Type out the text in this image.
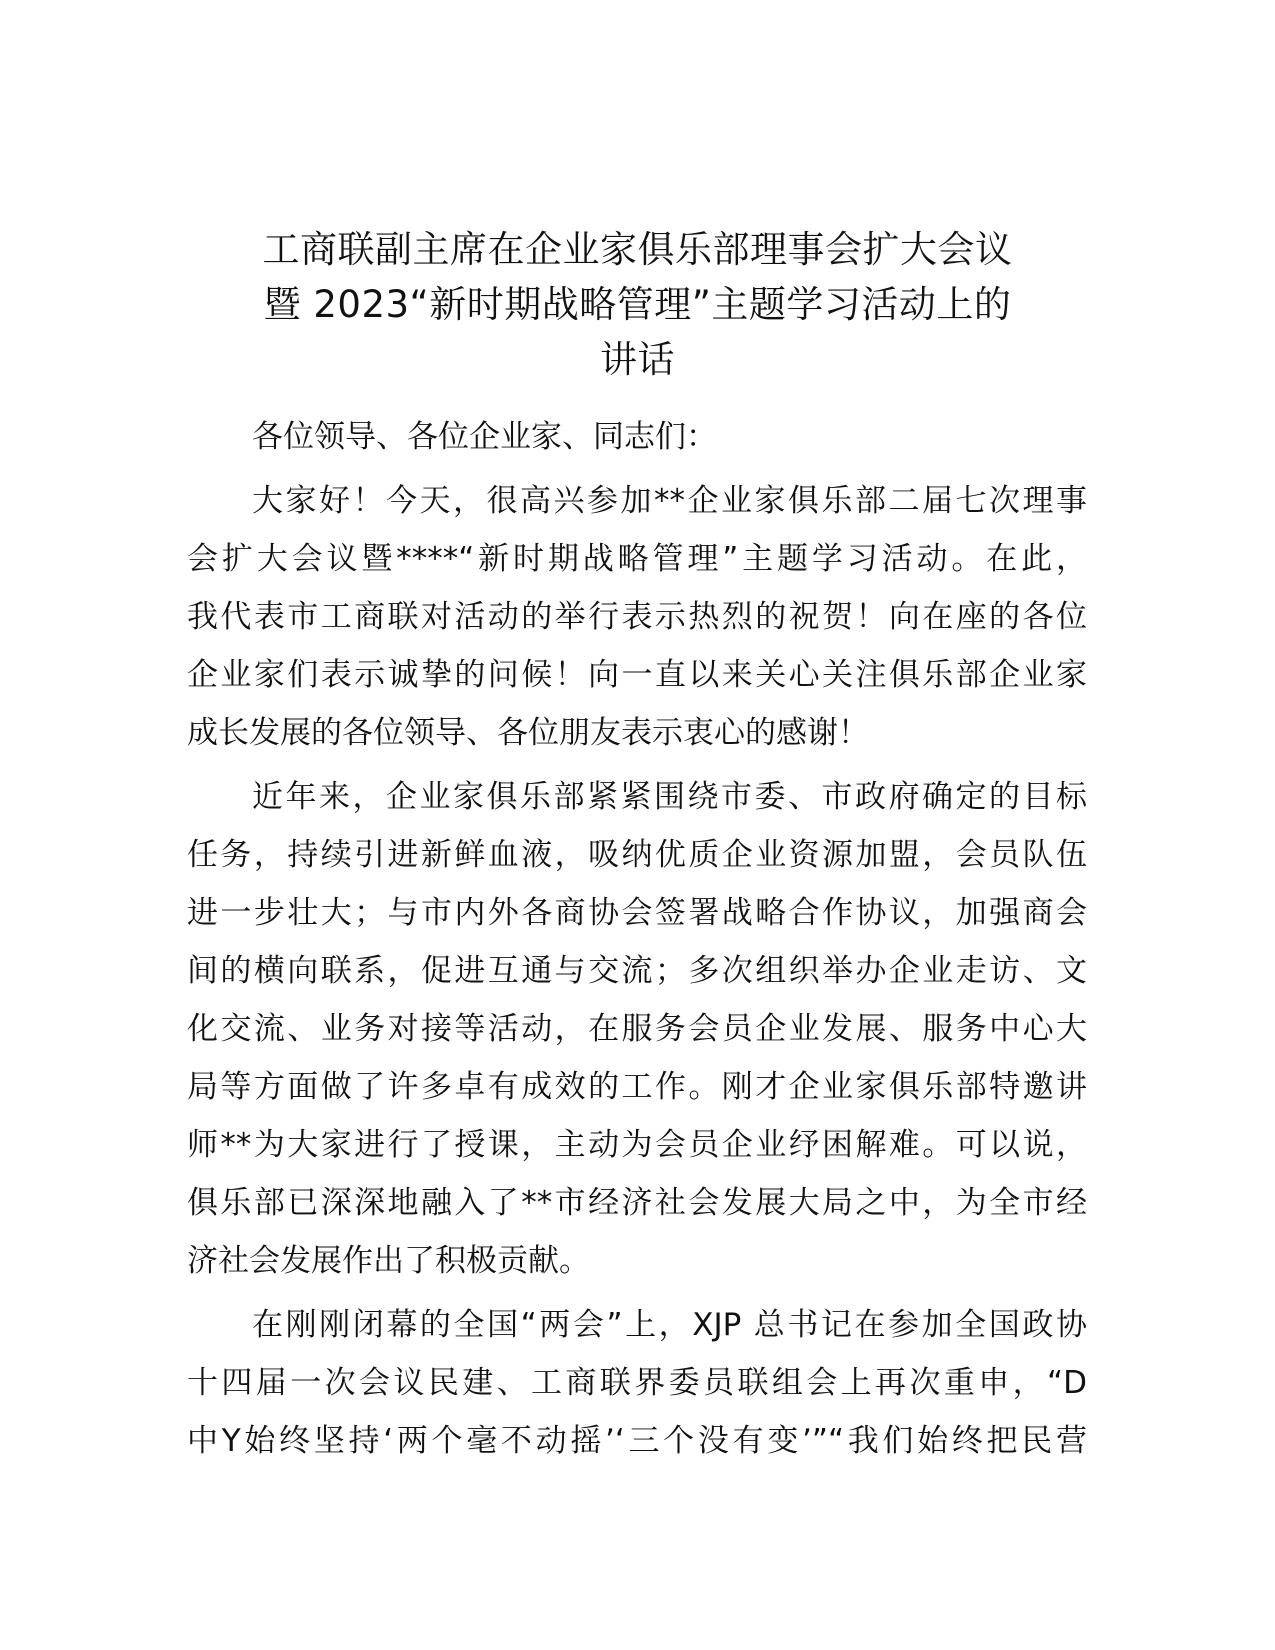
工商联副主席在企业家俱乐部理事会扩大会议
暨 2023“新时期战略管理”主题学习活动上的
讲话

各位领导、各位企业家、同志们：

大家好！今天，很高兴参加**企业家俱乐部二届七次理事
会扩大会议暨****“新时期战略管理”主题学习活动。在此，
我代表市工商联对活动的举行表示热烈的祝贺！向在座的各位
企业家们表示诚挚的问候！向一直以来关心关注俱乐部企业家
成长发展的各位领导、各位朋友表示衷心的感谢！

近年来，企业家俱乐部紧紧围绕市委、市政府确定的目标
任务，持续引进新鲜血液，吸纳优质企业资源加盟，会员队伍
进一步壮大；与市内外各商协会签署战略合作协议，加强商会
间的横向联系，促进互通与交流；多次组织举办企业走访、文
化交流、业务对接等活动，在服务会员企业发展、服务中心大
局等方面做了许多卓有成效的工作。刚才企业家俱乐部特邀讲
师**为大家进行了授课，主动为会员企业纾困解难。可以说，
俱乐部已深深地融入了**市经济社会发展大局之中，为全市经
济社会发展作出了积极贡献。

在刚刚闭幕的全国“两会”上，XJP 总书记在参加全国政协
十四届一次会议民建、工商联界委员联组会上再次重申，“D
中Y始终坚持‘两个毫不动摇’‘三个没有变’”“我们始终把民营
